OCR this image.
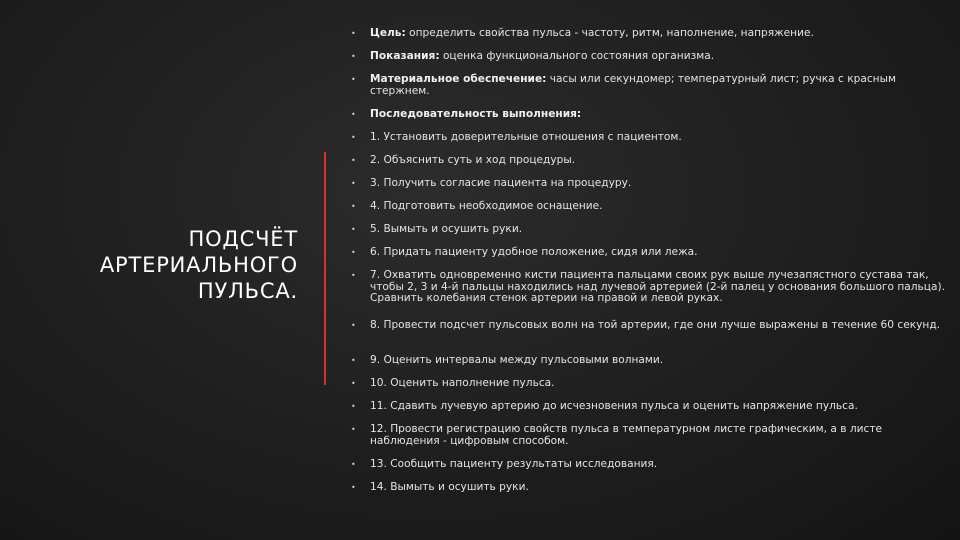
ПОДСЧЁТ
АРТЕРИАЛЬНОГО
ПУЛЬСА.
• Цель: определить свойства пульса - частоту, ритм, наполнение, напряжение.
• Показания: оценка функционального состояния организма.
• Материальное обеспечение: часы или секундомер; температурный лист; ручка с красным стержнем.
• Последовательность выполнения:
• 1. Установить доверительные отношения с пациентом.
• 2. Объяснить суть и ход процедуры.
• 3. Получить согласие пациента на процедуру.
• 4. Подготовить необходимое оснащение.
• 5. Вымыть и осушить руки.
• 6. Придать пациенту удобное положение, сидя или лежа.
• 7. Охватить одновременно кисти пациента пальцами своих рук выше лучезапястного сустава так, чтобы 2, 3 и 4-й пальцы находились над лучевой артерией (2-й палец у основания большого пальца). Сравнить колебания стенок артерии на правой и левой руках.
• 8. Провести подсчет пульсовых волн на той артерии, где они лучше выражены в течение 60 секунд.
• 9. Оценить интервалы между пульсовыми волнами.
• 10. Оценить наполнение пульса.
• 11. Сдавить лучевую артерию до исчезновения пульса и оценить напряжение пульса.
• 12. Провести регистрацию свойств пульса в температурном листе графическим, а в листе наблюдения - цифровым способом.
• 13. Сообщить пациенту результаты исследования.
• 14. Вымыть и осушить руки.
